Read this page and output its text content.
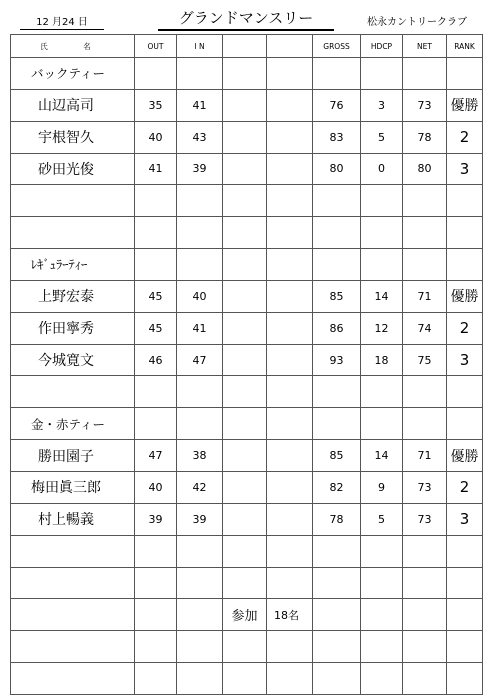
12 月24 日	グランドマンスリー	松永カントリークラブ
氏　名	OUT	I N			GROSS	HDCP	NET	RANK
バックティー								
山辺高司	35	41			76	3	73	優勝
宇根智久	40	43			83	5	78	2
砂田光俊	41	39			80	0	80	3

ﾚｷﾞｭﾗｰﾃｨｰ								
上野宏泰	45	40			85	14	71	優勝
作田寧秀	45	41			86	12	74	2
今城寛文	46	47			93	18	75	3

金・赤ティー								
勝田園子	47	38			85	14	71	優勝
梅田眞三郎	40	42			82	9	73	2
村上暢義	39	39			78	5	73	3

			参加	18名				
